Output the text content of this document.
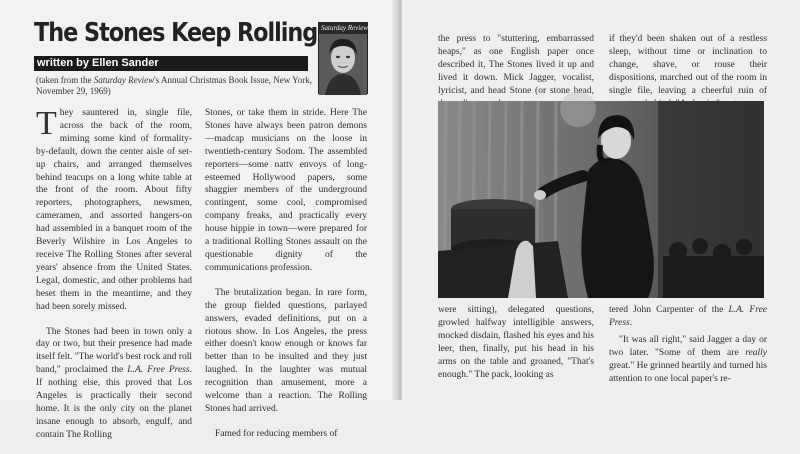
The Stones Keep Rolling
written by Ellen Sander

(taken from the Saturday Review's Annual Christmas Book Issue, New York, November 29, 1969)

Saturday Review

They sauntered in, single file, across the back of the room, miming some kind of formality-by-default, down the center aisle of set-up chairs, and arranged themselves behind teacups on a long white table at the front of the room. About fifty reporters, photographers, newsmen, cameramen, and assorted hangers-on had assembled in a banquet room of the Beverly Wilshire in Los Angeles to receive The Rolling Stones after several years' absence from the United States. Legal, domestic, and other problems had beset them in the meantime, and they had been sorely missed.

The Stones had been in town only a day or two, but their presence had made itself felt. "The world's best rock and roll band," proclaimed the L.A. Free Press. If nothing else, this proved that Los Angeles is practically their second home. It is the only city on the planet insane enough to absorb, engulf, and contain The Rolling

Stones, or take them in stride. Here The Stones have always been patron demons—madcap musicians on the loose in twentieth-century Sodom. The assembled reporters—some nattv envoys of long-esteemed Hollywood papers, some shaggier members of the underground contingent, some cool, compromised company freaks, and practically every house hippie in town—were prepared for a traditional Rolling Stones assault on the questionable dignity of the communications profession.

The brutalization began. In rare form, the group fielded questions, parlayed answers, evaded definitions, put on a riotous show. In Los Angeles, the press either doesn't know enough or knows far better than to be insulted and they just laughed. In the laughter was mutual recognition than amusement, more a welcome than a reaction. The Rolling Stones had arrived.

Famed for reducing members of

the press to "stuttering, embarrassed heaps," as one English paper once described it, The Stones lived it up and lived it down. Mick Jagger, vocalist, lyricist, and head Stone (or stone head,

if they'd been shaken out of a restless sleep, without time or inclination to change, shave, or rouse their dispositions, marched out of the room in single file, leaving a cheerful ruin of

were sitting), delegated questions, growled halfway intelligible answers, mocked disdain, flashed his eyes and his leer, then, finally, put his head in his arms on the table and groaned, "That's enough." The pack, looking as

tered John Carpenter of the L.A. Free Press.

"It was all right," said Jagger a day or two later. "Some of them are really great." He grinned heartily and turned his attention to one local paper's re-
